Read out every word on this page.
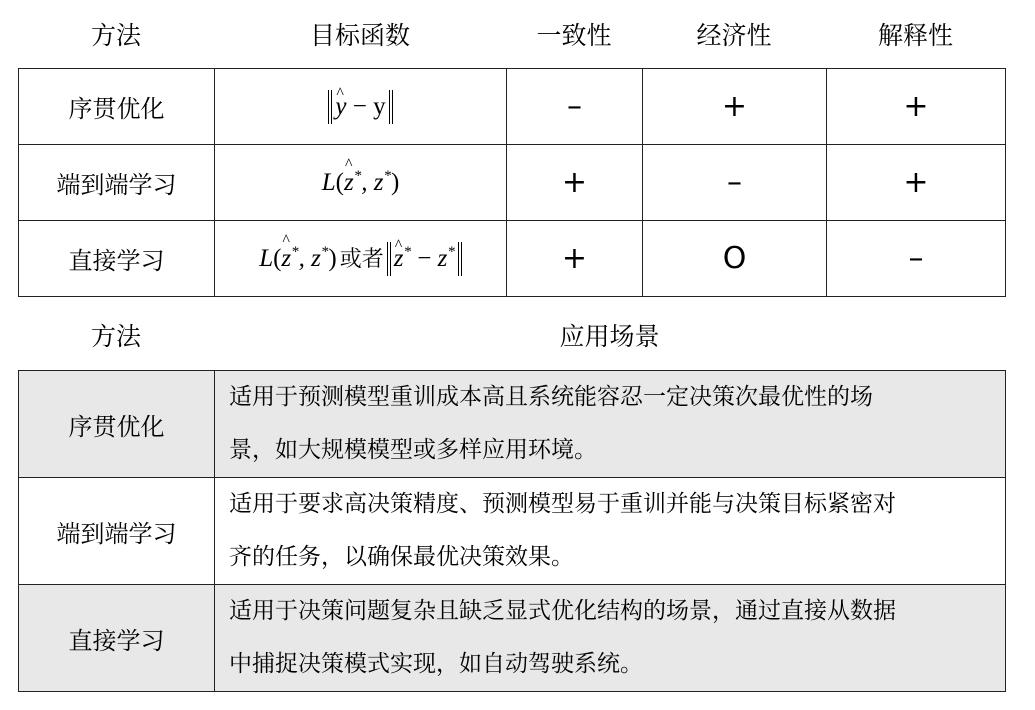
方法	目标函数	一致性	经济性	解释性
序贯优化	^ y − y	–	+	+
端到端学习	L(^ z*, z*)	+	–	+
直接学习	L(^ z*, z*) 或者 ^ z* − z*	+	O	–
方法	应用场景
序贯优化	适用于预测模型重训成本高且系统能容忍一定决策次最优性的场
景，如大规模模型或多样应用环境。

端到端学习	适用于要求高决策精度、预测模型易于重训并能与决策目标紧密对
齐的任务，以确保最优决策效果。

直接学习	适用于决策问题复杂且缺乏显式优化结构的场景，通过直接从数据
中捕捉决策模式实现，如自动驾驶系统。
